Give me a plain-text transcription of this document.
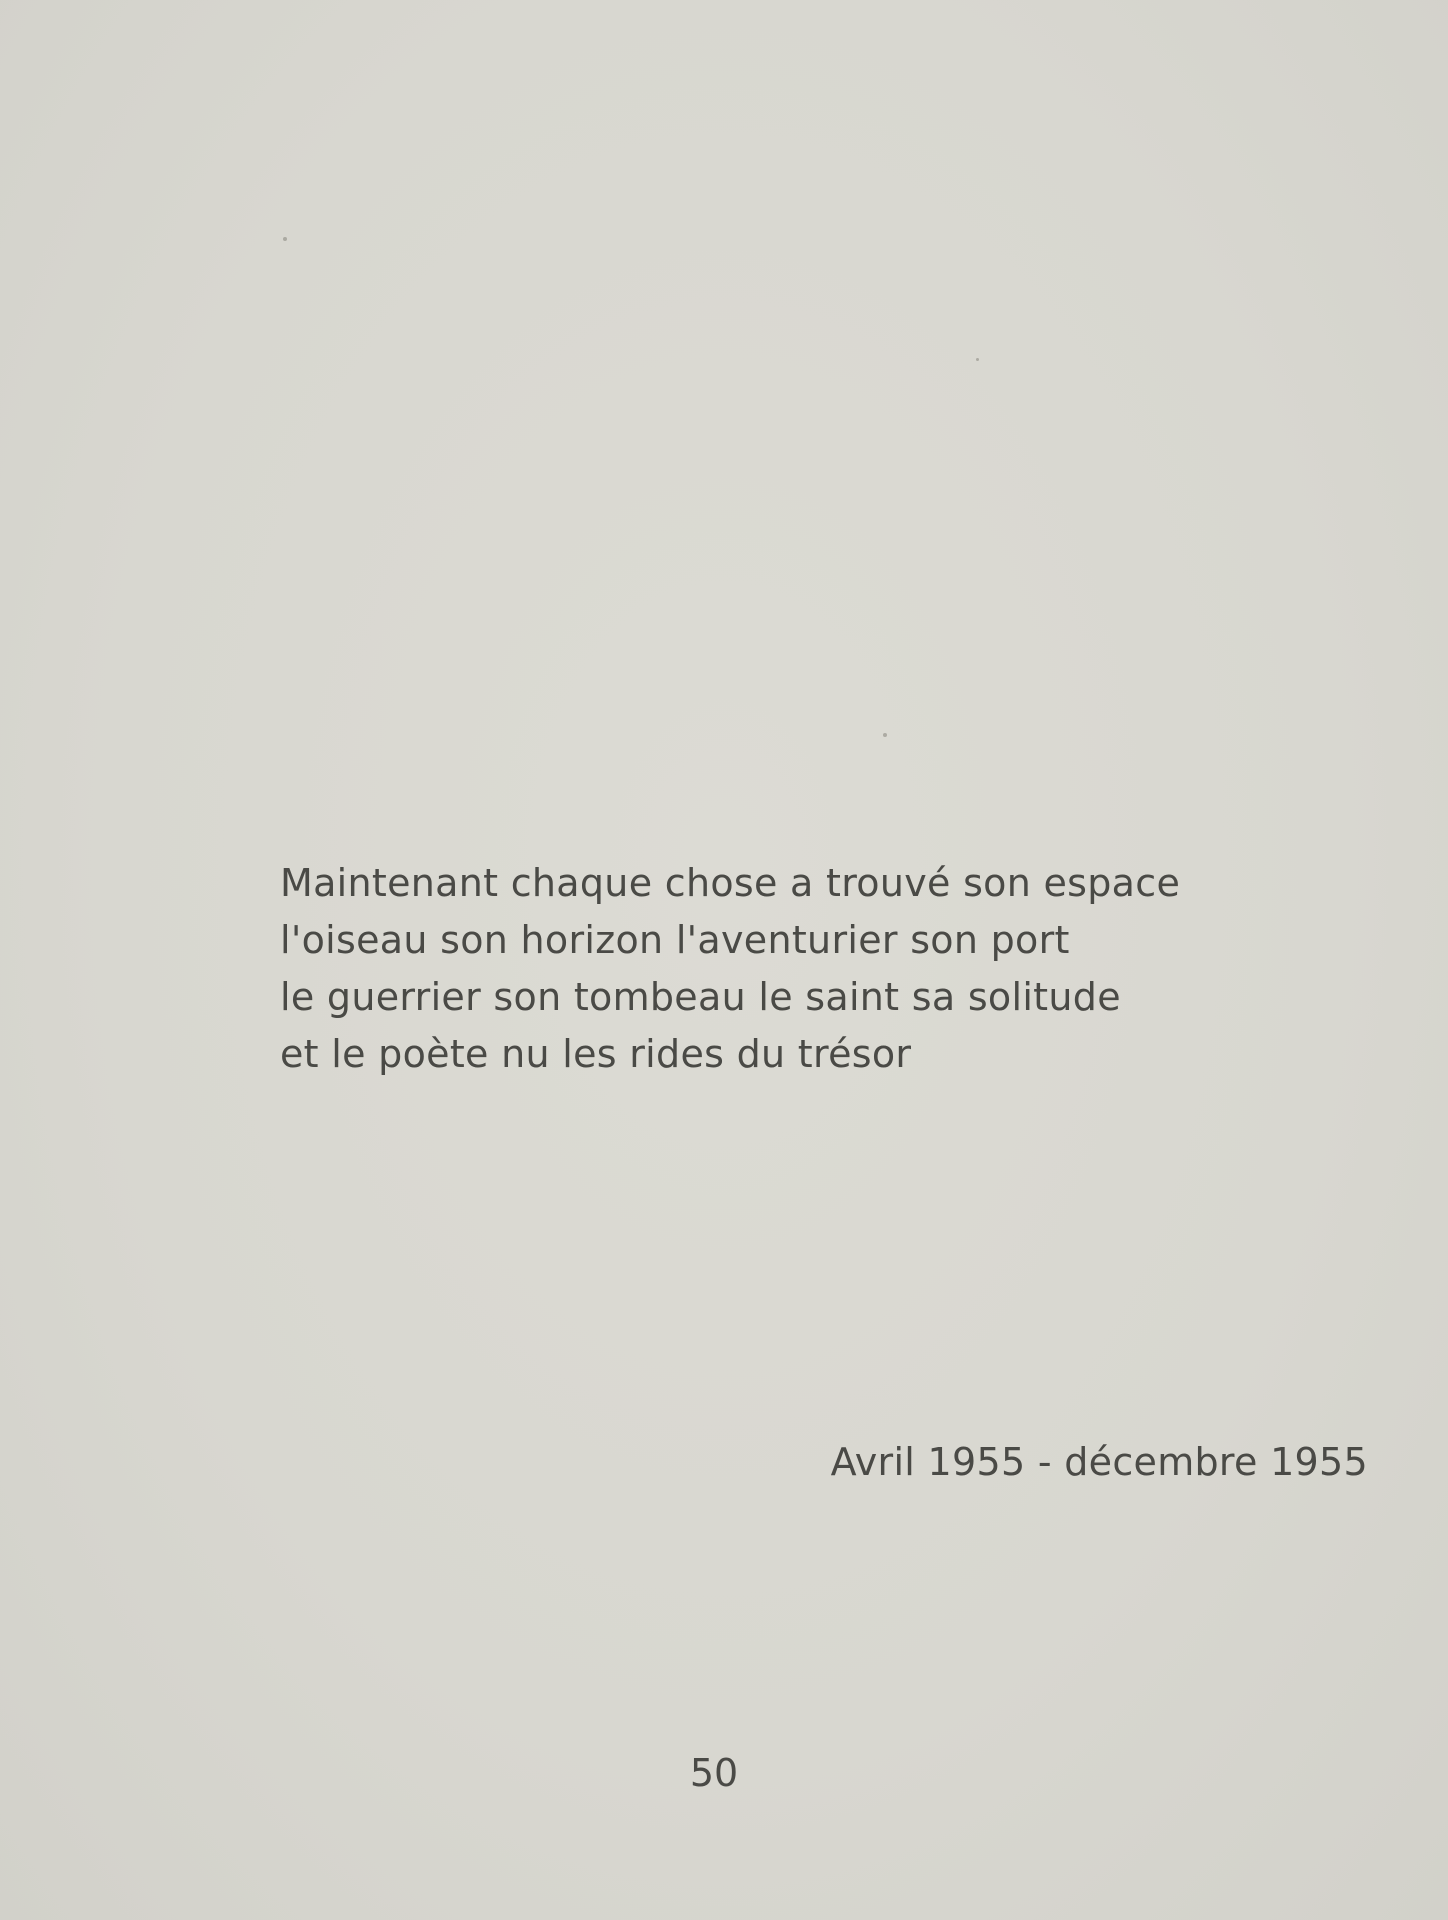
Maintenant chaque chose a trouvé son espace
l'oiseau son horizon l'aventurier son port
le guerrier son tombeau le saint sa solitude
et le poète nu les rides du trésor
Avril 1955 - décembre 1955
50
